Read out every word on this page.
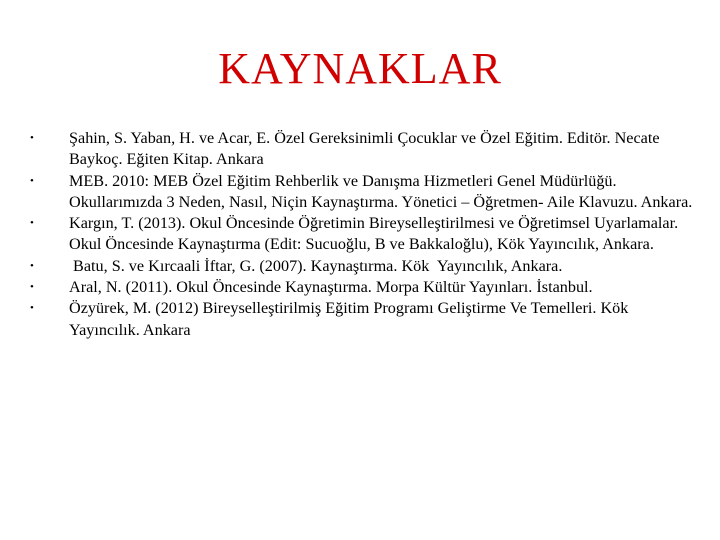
KAYNAKLAR
• Şahin, S. Yaban, H. ve Acar, E. Özel Gereksinimli Çocuklar ve Özel Eğitim. Editör. Necate Baykoç. Eğiten Kitap. Ankara
• MEB. 2010: MEB Özel Eğitim Rehberlik ve Danışma Hizmetleri Genel Müdürlüğü. Okullarımızda 3 Neden, Nasıl, Niçin Kaynaştırma. Yönetici – Öğretmen- Aile Klavuzu. Ankara.
• Kargın, T. (2013). Okul Öncesinde Öğretimin Bireyselleştirilmesi ve Öğretimsel Uyarlamalar. Okul Öncesinde Kaynaştırma (Edit: Sucuoğlu, B ve Bakkaloğlu), Kök Yayıncılık, Ankara.
• Batu, S. ve Kırcaali İftar, G. (2007). Kaynaştırma. Kök  Yayıncılık, Ankara.
• Aral, N. (2011). Okul Öncesinde Kaynaştırma. Morpa Kültür Yayınları. İstanbul.
• Özyürek, M. (2012) Bireyselleştirilmiş Eğitim Programı Geliştirme Ve Temelleri. Kök Yayıncılık. Ankara
